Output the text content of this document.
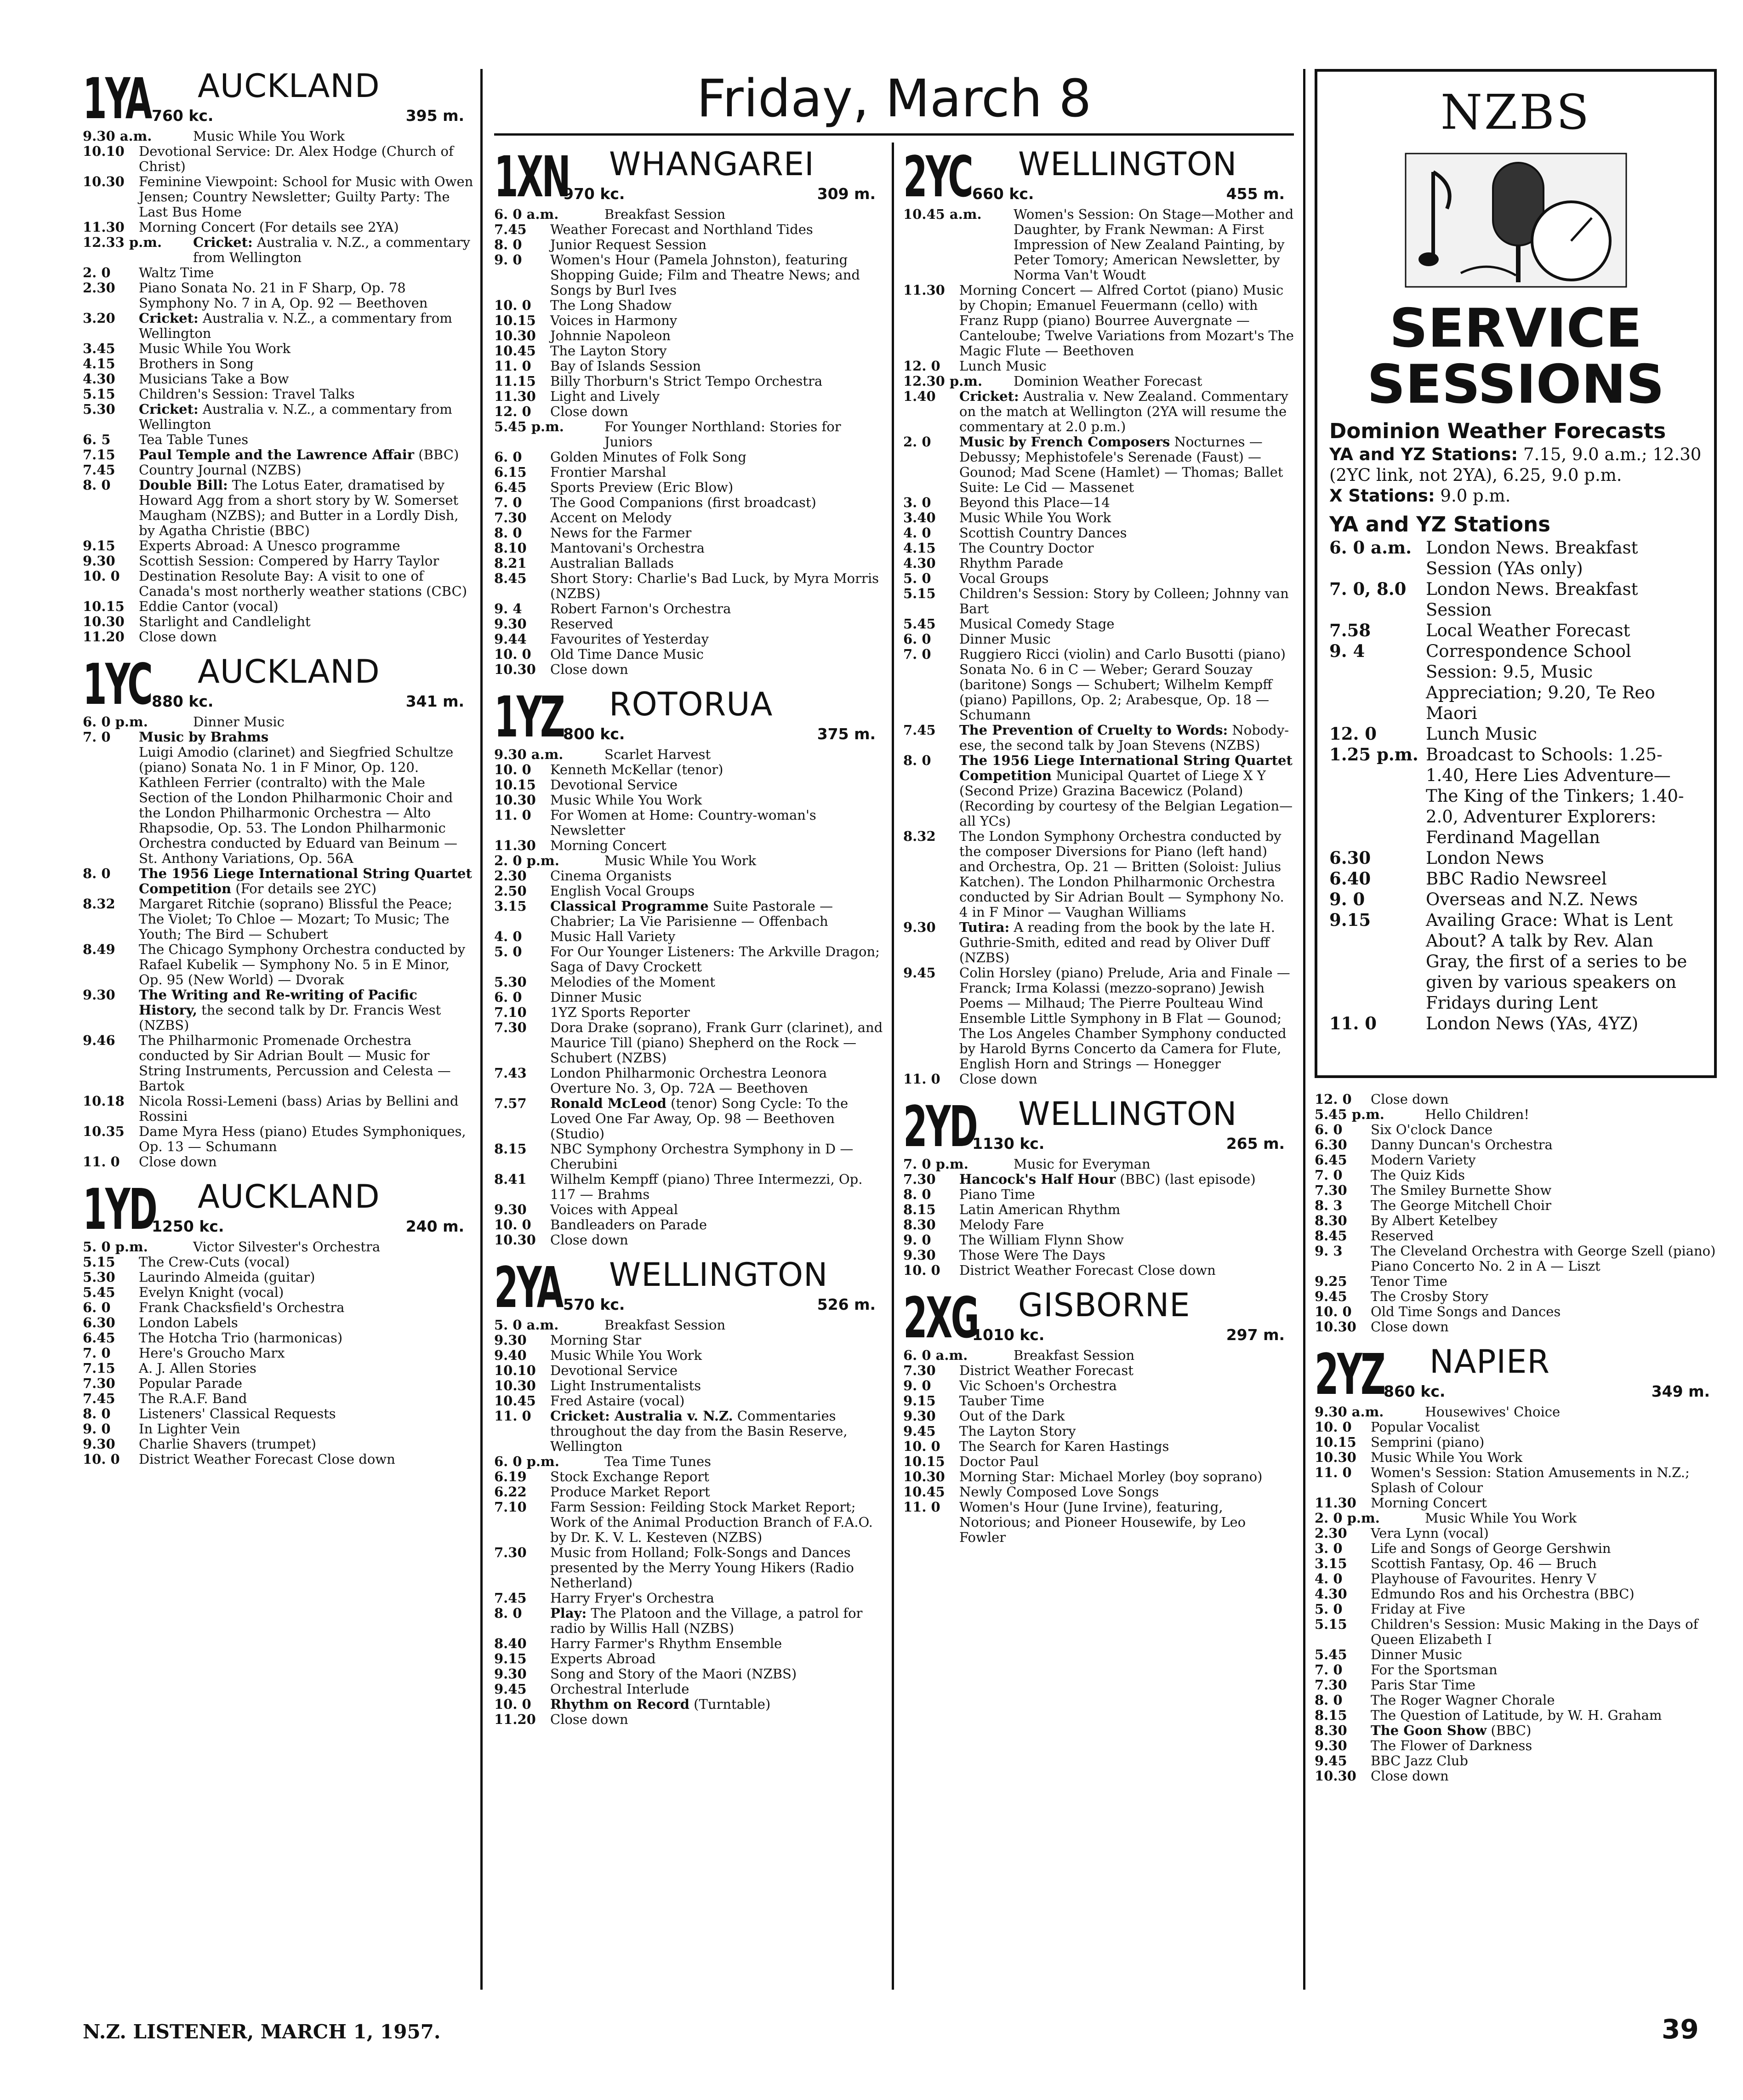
Friday, March 8
1YA AUCKLAND
760 kc.	395 m.
9.30 a.m.	Music While You Work
10.10	Devotional Service: Dr. Alex Hodge (Church of Christ)
10.30	Feminine Viewpoint: School for Music with Owen Jensen; Country Newsletter; Guilty Party: The Last Bus Home
11.30	Morning Concert (For details see 2YA)
12.33 p.m.	Cricket: Australia v. N.Z., a commentary from Wellington
2. 0	Waltz Time
2.30	Piano Sonata No. 21 in F Sharp, Op. 78 Symphony No. 7 in A, Op. 92 — Beethoven
3.20	Cricket: Australia v. N.Z., a commentary from Wellington
3.45	Music While You Work
4.15	Brothers in Song
4.30	Musicians Take a Bow
5.15	Children's Session: Travel Talks
5.30	Cricket: Australia v. N.Z., a commentary from Wellington
6. 5	Tea Table Tunes
7.15	Paul Temple and the Lawrence Affair (BBC)
7.45	Country Journal (NZBS)
8. 0	Double Bill: The Lotus Eater, dramatised by Howard Agg from a short story by W. Somerset Maugham (NZBS); and Butter in a Lordly Dish, by Agatha Christie (BBC)
9.15	Experts Abroad: A Unesco programme
9.30	Scottish Session: Compered by Harry Taylor
10. 0	Destination Resolute Bay: A visit to one of Canada's most northerly weather stations (CBC)
10.15	Eddie Cantor (vocal)
10.30	Starlight and Candlelight
11.20	Close down
1YC AUCKLAND
880 kc.	341 m.
6. 0 p.m.	Dinner Music
7. 0	Music by Brahms
Luigi Amodio (clarinet) and Siegfried Schultze (piano) Sonata No. 1 in F Minor, Op. 120. Kathleen Ferrier (contralto) with the Male Section of the London Philharmonic Choir and the London Philharmonic Orchestra — Alto Rhapsodie, Op. 53. The London Philharmonic Orchestra conducted by Eduard van Beinum — St. Anthony Variations, Op. 56A
8. 0	The 1956 Liege International String Quartet Competition (For details see 2YC)
8.32	Margaret Ritchie (soprano) Blissful the Peace; The Violet; To Chloe — Mozart; To Music; The Youth; The Bird — Schubert
8.49	The Chicago Symphony Orchestra conducted by Rafael Kubelik — Symphony No. 5 in E Minor, Op. 95 (New World) — Dvorak
9.30	The Writing and Re-writing of Pacific History, the second talk by Dr. Francis West (NZBS)
9.46	The Philharmonic Promenade Orchestra conducted by Sir Adrian Boult — Music for String Instruments, Percussion and Celesta — Bartok
10.18	Nicola Rossi-Lemeni (bass) Arias by Bellini and Rossini
10.35	Dame Myra Hess (piano) Etudes Symphoniques, Op. 13 — Schumann
11. 0	Close down
1YD AUCKLAND
1250 kc.	240 m.
5. 0 p.m.	Victor Silvester's Orchestra
5.15	The Crew-Cuts (vocal)
5.30	Laurindo Almeida (guitar)
5.45	Evelyn Knight (vocal)
6. 0	Frank Chacksfield's Orchestra
6.30	London Labels
6.45	The Hotcha Trio (harmonicas)
7. 0	Here's Groucho Marx
7.15	A. J. Allen Stories
7.30	Popular Parade
7.45	The R.A.F. Band
8. 0	Listeners' Classical Requests
9. 0	In Lighter Vein
9.30	Charlie Shavers (trumpet)
10. 0	District Weather Forecast Close down
1XN WHANGAREI
970 kc.	309 m.
6. 0 a.m.	Breakfast Session
7.45	Weather Forecast and Northland Tides
8. 0	Junior Request Session
9. 0	Women's Hour (Pamela Johnston), featuring Shopping Guide; Film and Theatre News; and Songs by Burl Ives
10. 0	The Long Shadow
10.15	Voices in Harmony
10.30	Johnnie Napoleon
10.45	The Layton Story
11. 0	Bay of Islands Session
11.15	Billy Thorburn's Strict Tempo Orchestra
11.30	Light and Lively
12. 0	Close down
5.45 p.m.	For Younger Northland: Stories for Juniors
6. 0	Golden Minutes of Folk Song
6.15	Frontier Marshal
6.45	Sports Preview (Eric Blow)
7. 0	The Good Companions (first broadcast)
7.30	Accent on Melody
8. 0	News for the Farmer
8.10	Mantovani's Orchestra
8.21	Australian Ballads
8.45	Short Story: Charlie's Bad Luck, by Myra Morris (NZBS)
9. 4	Robert Farnon's Orchestra
9.30	Reserved
9.44	Favourites of Yesterday
10. 0	Old Time Dance Music
10.30	Close down
1YZ ROTORUA
800 kc.	375 m.
9.30 a.m.	Scarlet Harvest
10. 0	Kenneth McKellar (tenor)
10.15	Devotional Service
10.30	Music While You Work
11. 0	For Women at Home: Country-woman's Newsletter
11.30	Morning Concert
2. 0 p.m.	Music While You Work
2.30	Cinema Organists
2.50	English Vocal Groups
3.15	Classical Programme Suite Pastorale — Chabrier; La Vie Parisienne — Offenbach
4. 0	Music Hall Variety
5. 0	For Our Younger Listeners: The Arkville Dragon; Saga of Davy Crockett
5.30	Melodies of the Moment
6. 0	Dinner Music
7.10	1YZ Sports Reporter
7.30	Dora Drake (soprano), Frank Gurr (clarinet), and Maurice Till (piano) Shepherd on the Rock — Schubert (NZBS)
7.43	London Philharmonic Orchestra Leonora Overture No. 3, Op. 72A — Beethoven
7.57	Ronald McLeod (tenor) Song Cycle: To the Loved One Far Away, Op. 98 — Beethoven (Studio)
8.15	NBC Symphony Orchestra Symphony in D — Cherubini
8.41	Wilhelm Kempff (piano) Three Intermezzi, Op. 117 — Brahms
9.30	Voices with Appeal
10. 0	Bandleaders on Parade
10.30	Close down
2YA WELLINGTON
570 kc.	526 m.
5. 0 a.m.	Breakfast Session
9.30	Morning Star
9.40	Music While You Work
10.10	Devotional Service
10.30	Light Instrumentalists
10.45	Fred Astaire (vocal)
11. 0	Cricket: Australia v. N.Z. Commentaries throughout the day from the Basin Reserve, Wellington
6. 0 p.m.	Tea Time Tunes
6.19	Stock Exchange Report
6.22	Produce Market Report
7.10	Farm Session: Feilding Stock Market Report; Work of the Animal Production Branch of F.A.O. by Dr. K. V. L. Kesteven (NZBS)
7.30	Music from Holland; Folk-Songs and Dances presented by the Merry Young Hikers (Radio Netherland)
7.45	Harry Fryer's Orchestra
8. 0	Play: The Platoon and the Village, a patrol for radio by Willis Hall (NZBS)
8.40	Harry Farmer's Rhythm Ensemble
9.15	Experts Abroad
9.30	Song and Story of the Maori (NZBS)
9.45	Orchestral Interlude
10. 0	Rhythm on Record (Turntable)
11.20	Close down
2YC WELLINGTON
660 kc.	455 m.
10.45 a.m.	Women's Session: On Stage—Mother and Daughter, by Frank Newman: A First Impression of New Zealand Painting, by Peter Tomory; American Newsletter, by Norma Van't Woudt
11.30	Morning Concert — Alfred Cortot (piano) Music by Chopin; Emanuel Feuermann (cello) with Franz Rupp (piano) Bourree Auvergnate — Canteloube; Twelve Variations from Mozart's The Magic Flute — Beethoven
12. 0	Lunch Music
12.30 p.m.	Dominion Weather Forecast
1.40	Cricket: Australia v. New Zealand. Commentary on the match at Wellington (2YA will resume the commentary at 2.0 p.m.)
2. 0	Music by French Composers Nocturnes — Debussy; Mephistofele's Serenade (Faust) — Gounod; Mad Scene (Hamlet) — Thomas; Ballet Suite: Le Cid — Massenet
3. 0	Beyond this Place—14
3.40	Music While You Work
4. 0	Scottish Country Dances
4.15	The Country Doctor
4.30	Rhythm Parade
5. 0	Vocal Groups
5.15	Children's Session: Story by Colleen; Johnny van Bart
5.45	Musical Comedy Stage
6. 0	Dinner Music
7. 0	Ruggiero Ricci (violin) and Carlo Busotti (piano) Sonata No. 6 in C — Weber; Gerard Souzay (baritone) Songs — Schubert; Wilhelm Kempff (piano) Papillons, Op. 2; Arabesque, Op. 18 — Schumann
7.45	The Prevention of Cruelty to Words: Nobody-ese, the second talk by Joan Stevens (NZBS)
8. 0	The 1956 Liege International String Quartet Competition Municipal Quartet of Liege X Y (Second Prize) Grazina Bacewicz (Poland) (Recording by courtesy of the Belgian Legation—all YCs)
8.32	The London Symphony Orchestra conducted by the composer Diversions for Piano (left hand) and Orchestra, Op. 21 — Britten (Soloist: Julius Katchen). The London Philharmonic Orchestra conducted by Sir Adrian Boult — Symphony No. 4 in F Minor — Vaughan Williams
9.30	Tutira: A reading from the book by the late H. Guthrie-Smith, edited and read by Oliver Duff (NZBS)
9.45	Colin Horsley (piano) Prelude, Aria and Finale — Franck; Irma Kolassi (mezzo-soprano) Jewish Poems — Milhaud; The Pierre Poulteau Wind Ensemble Little Symphony in B Flat — Gounod; The Los Angeles Chamber Symphony conducted by Harold Byrns Concerto da Camera for Flute, English Horn and Strings — Honegger
11. 0	Close down
2YD WELLINGTON
1130 kc.	265 m.
7. 0 p.m.	Music for Everyman
7.30	Hancock's Half Hour (BBC) (last episode)
8. 0	Piano Time
8.15	Latin American Rhythm
8.30	Melody Fare
9. 0	The William Flynn Show
9.30	Those Were The Days
10. 0	District Weather Forecast Close down
2XG GISBORNE
1010 kc.	297 m.
6. 0 a.m.	Breakfast Session
7.30	District Weather Forecast
9. 0	Vic Schoen's Orchestra
9.15	Tauber Time
9.30	Out of the Dark
9.45	The Layton Story
10. 0	The Search for Karen Hastings
10.15	Doctor Paul
10.30	Morning Star: Michael Morley (boy soprano)
10.45	Newly Composed Love Songs
11. 0	Women's Hour (June Irvine), featuring, Notorious; and Pioneer Housewife, by Leo Fowler
NZBS
SERVICE
SESSIONS
Dominion Weather Forecasts
YA and YZ Stations: 7.15, 9.0 a.m.; 12.30 (2YC link, not 2YA), 6.25, 9.0 p.m.
X Stations: 9.0 p.m.
YA and YZ Stations
6. 0 a.m. London News. Breakfast Session (YAs only)
7. 0, 8.0	London News. Breakfast Session
7.58	Local Weather Forecast
9. 4	Correspondence School Session: 9.5, Music Appreciation; 9.20, Te Reo Maori
12. 0	Lunch Music
1.25 p.m. Broadcast to Schools: 1.25-1.40, Here Lies Adventure—The King of the Tinkers; 1.40-2.0, Adventurer Explorers: Ferdinand Magellan
6.30	London News
6.40	BBC Radio Newsreel
9. 0	Overseas and N.Z. News
9.15	Availing Grace: What is Lent About? A talk by Rev. Alan Gray, the first of a series to be given by various speakers on Fridays during Lent
11. 0	London News (YAs, 4YZ)
12. 0	Close down
5.45 p.m.	Hello Children!
6. 0	Six O'clock Dance
6.30	Danny Duncan's Orchestra
6.45	Modern Variety
7. 0	The Quiz Kids
7.30	The Smiley Burnette Show
8. 3	The George Mitchell Choir
8.30	By Albert Ketelbey
8.45	Reserved
9. 3	The Cleveland Orchestra with George Szell (piano) Piano Concerto No. 2 in A — Liszt
9.25	Tenor Time
9.45	The Crosby Story
10. 0	Old Time Songs and Dances
10.30	Close down
2YZ NAPIER
860 kc.	349 m.
9.30 a.m.	Housewives' Choice
10. 0	Popular Vocalist
10.15	Semprini (piano)
10.30	Music While You Work
11. 0	Women's Session: Station Amusements in N.Z.; Splash of Colour
11.30	Morning Concert
2. 0 p.m.	Music While You Work
2.30	Vera Lynn (vocal)
3. 0	Life and Songs of George Gershwin
3.15	Scottish Fantasy, Op. 46 — Bruch
4. 0	Playhouse of Favourites. Henry V
4.30	Edmundo Ros and his Orchestra (BBC)
5. 0	Friday at Five
5.15	Children's Session: Music Making in the Days of Queen Elizabeth I
5.45	Dinner Music
7. 0	For the Sportsman
7.30	Paris Star Time
8. 0	The Roger Wagner Chorale
8.15	The Question of Latitude, by W. H. Graham
8.30	The Goon Show (BBC)
9.30	The Flower of Darkness
9.45	BBC Jazz Club
10.30	Close down
N.Z. LISTENER, MARCH 1, 1957.	39
